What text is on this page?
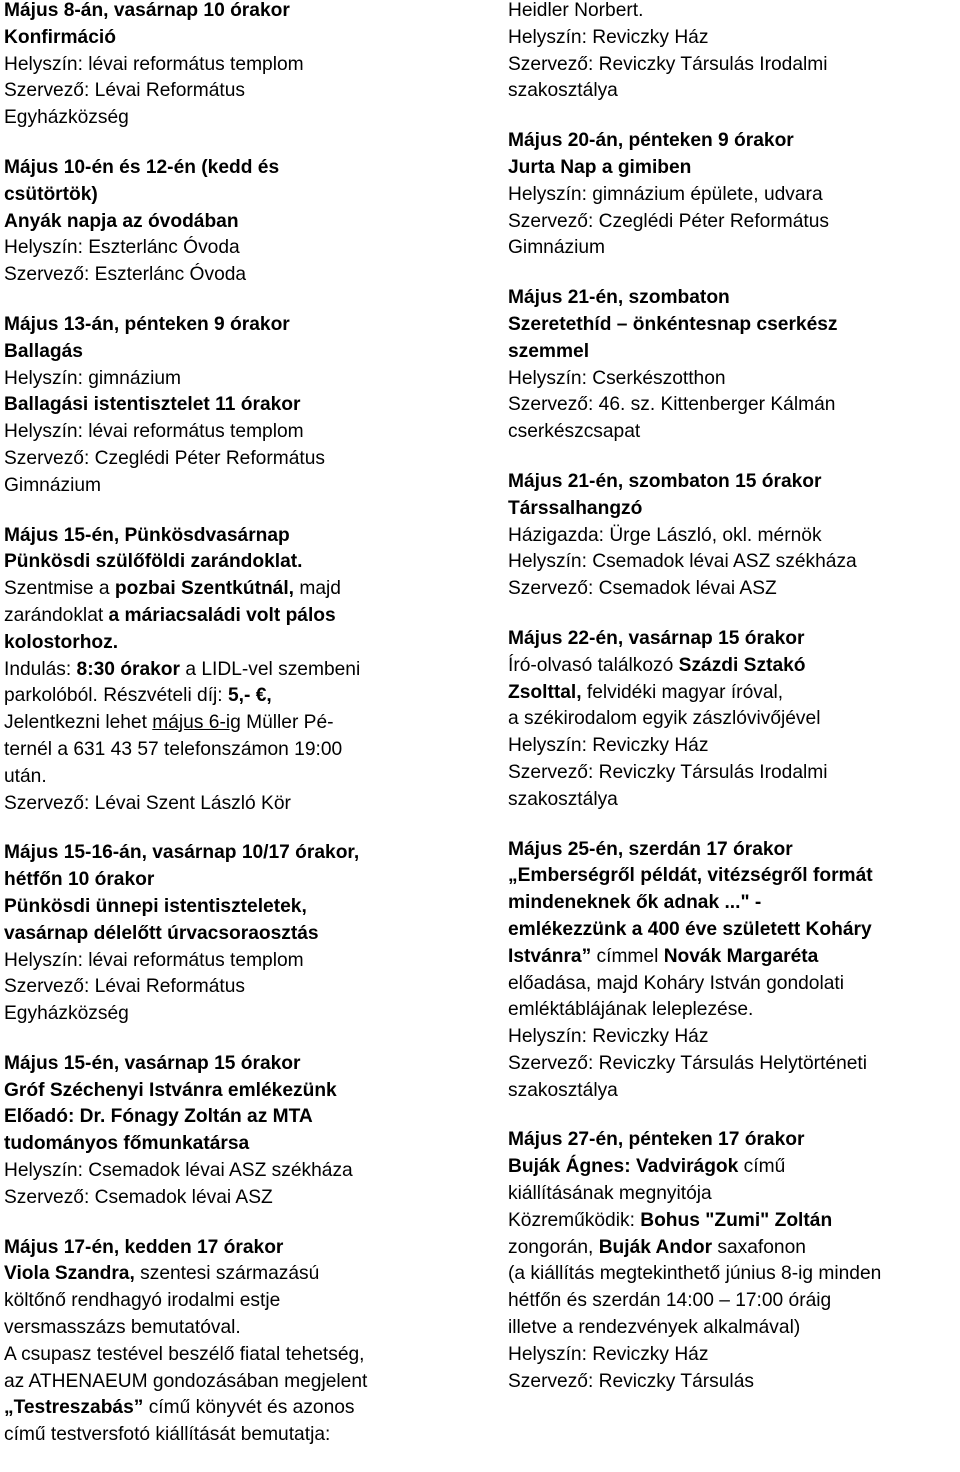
Május 8-án, vasárnap 10 órakor
Konfirmáció
Helyszín: lévai református templom
Szervező: Lévai Református
Egyházközség
Május 10-én és 12-én (kedd és
csütörtök)
Anyák napja az óvodában
Helyszín: Eszterlánc Óvoda
Szervező: Eszterlánc Óvoda
Május 13-án, pénteken 9 órakor
Ballagás
Helyszín: gimnázium
Ballagási istentisztelet 11 órakor
Helyszín: lévai református templom
Szervező: Czeglédi Péter Református
Gimnázium
Május 15-én, Pünkösdvasárnap
Pünkösdi szülőföldi zarándoklat.
Szentmise a pozbai Szentkútnál, majd
zarándoklat a máriacsaládi volt pálos
kolostorhoz.
Indulás: 8:30 órakor a LIDL-vel szembeni
parkolóból. Részvételi díj: 5,- €,
Jelentkezni lehet május 6-ig Müller Pé-
ternél a 631 43 57 telefonszámon 19:00
után.
Szervező: Lévai Szent László Kör
Május 15-16-án, vasárnap 10/17 órakor,
hétfőn 10 órakor
Pünkösdi ünnepi istentiszteletek,
vasárnap délelőtt úrvacsoraosztás
Helyszín: lévai református templom
Szervező: Lévai Református
Egyházközség
Május 15-én, vasárnap 15 órakor
Gróf Széchenyi Istvánra emlékezünk
Előadó: Dr. Fónagy Zoltán az MTA
tudományos főmunkatársa
Helyszín: Csemadok lévai ASZ székháza
Szervező: Csemadok lévai ASZ
Május 17-én, kedden 17 órakor
Viola Szandra, szentesi származású
költőnő rendhagyó irodalmi estje
versmasszázs bemutatóval.
A csupasz testével beszélő fiatal tehetség,
az ATHENAEUM gondozásában megjelent
„Testreszabás” című könyvét és azonos
című testversfotó kiállítását bemutatja:
Heidler Norbert.
Helyszín: Reviczky Ház
Szervező: Reviczky Társulás Irodalmi
szakosztálya
Május 20-án, pénteken 9 órakor
Jurta Nap a gimiben
Helyszín: gimnázium épülete, udvara
Szervező: Czeglédi Péter Református
Gimnázium
Május 21-én, szombaton
Szeretethíd – önkéntesnap cserkész
szemmel
Helyszín: Cserkészotthon
Szervező: 46. sz. Kittenberger Kálmán
cserkészcsapat
Május 21-én, szombaton 15 órakor
Társsalhangzó
Házigazda: Ürge László, okl. mérnök
Helyszín: Csemadok lévai ASZ székháza
Szervező: Csemadok lévai ASZ
Május 22-én, vasárnap 15 órakor
Író-olvasó találkozó Százdi Sztakó
Zsolttal, felvidéki magyar íróval,
a székirodalom egyik zászlóvivőjével
Helyszín: Reviczky Ház
Szervező: Reviczky Társulás Irodalmi
szakosztálya
Május 25-én, szerdán 17 órakor
„Emberségről példát, vitézségről formát
mindeneknek ők adnak ..." -
emlékezzünk a 400 éve született Koháry
Istvánra” címmel Novák Margaréta
előadása, majd Koháry István gondolati
emléktáblájának leleplezése.
Helyszín: Reviczky Ház
Szervező: Reviczky Társulás Helytörténeti
szakosztálya
Május 27-én, pénteken 17 órakor
Buják Ágnes: Vadvirágok című
kiállításának megnyitója
Közreműködik: Bohus "Zumi" Zoltán
zongorán, Buják Andor saxafonon
(a kiállítás megtekinthető június 8-ig minden
hétfőn és szerdán 14:00 – 17:00 óráig
illetve a rendezvények alkalmával)
Helyszín: Reviczky Ház
Szervező: Reviczky Társulás
